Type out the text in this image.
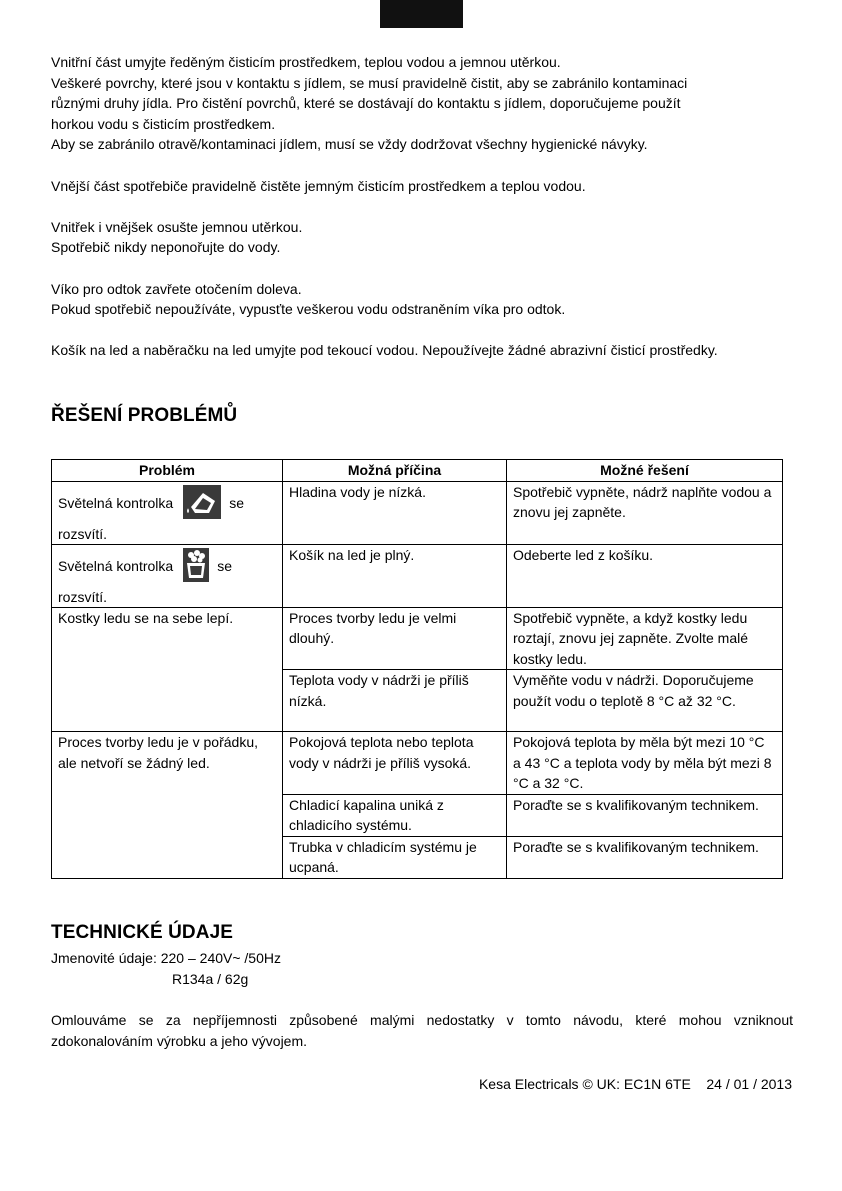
Vnitřní část umyjte ředěným čisticím prostředkem, teplou vodou a jemnou utěrkou.

Veškeré povrchy, které jsou v kontaktu s jídlem, se musí pravidelně čistit, aby se zabránilo kontaminaci

různými druhy jídla. Pro čistění povrchů, které se dostávají do kontaktu s jídlem, doporučujeme použít

horkou vodu s čisticím prostředkem.

Aby se zabránilo otravě/kontaminaci jídlem, musí se vždy dodržovat všechny hygienické návyky.

Vnější část spotřebiče pravidelně čistěte jemným čisticím prostředkem a teplou vodou.

Vnitřek i vnějšek osušte jemnou utěrkou.

Spotřebič nikdy neponořujte do vody.

Víko pro odtok zavřete otočením doleva.

Pokud spotřebič nepoužíváte, vypusťte veškerou vodu odstraněním víka pro odtok.

Košík na led a naběračku na led umyjte pod tekoucí vodou. Nepoužívejte žádné abrazivní čisticí prostředky.

ŘEŠENÍ PROBLÉMŮ
Problém	Možná příčina	Možné řešení

Světelná kontrolka se
rozsvítí.	Hladina vody je nízká.	Spotřebič vypněte, nádrž naplňte vodou a znovu jej zapněte.

Světelná kontrolka se
rozsvítí.	Košík na led je plný.	Odeberte led z košíku.
Kostky ledu se na sebe lepí.	Proces tvorby ledu je velmi dlouhý.	Spotřebič vypněte, a když kostky ledu roztají, znovu jej zapněte. Zvolte malé kostky ledu.
	Teplota vody v nádrži je příliš nízká.	Vyměňte vodu v nádrži. Doporučujeme použít vodu o teplotě 8 °C až 32 °C.
Proces tvorby ledu je v pořádku, ale netvoří se žádný led.	Pokojová teplota nebo teplota vody v nádrži je příliš vysoká.	Pokojová teplota by měla být mezi 10 °C a 43 °C a teplota vody by měla být mezi 8 °C a 32 °C.
	Chladicí kapalina uniká z chladicího systému.	Poraďte se s kvalifikovaným technikem.
	Trubka v chladicím systému je ucpaná.	Poraďte se s kvalifikovaným technikem.
TECHNICKÉ ÚDAJE
Jmenovité údaje: 220 – 240V~ /50Hz
R134a / 62g
Omlouváme se za nepříjemnosti způsobené malými nedostatky v tomto návodu, které mohou vzniknout zdokonalováním výrobku a jeho vývojem.
Kesa Electricals © UK: EC1N 6TE 24 / 01 / 2013
